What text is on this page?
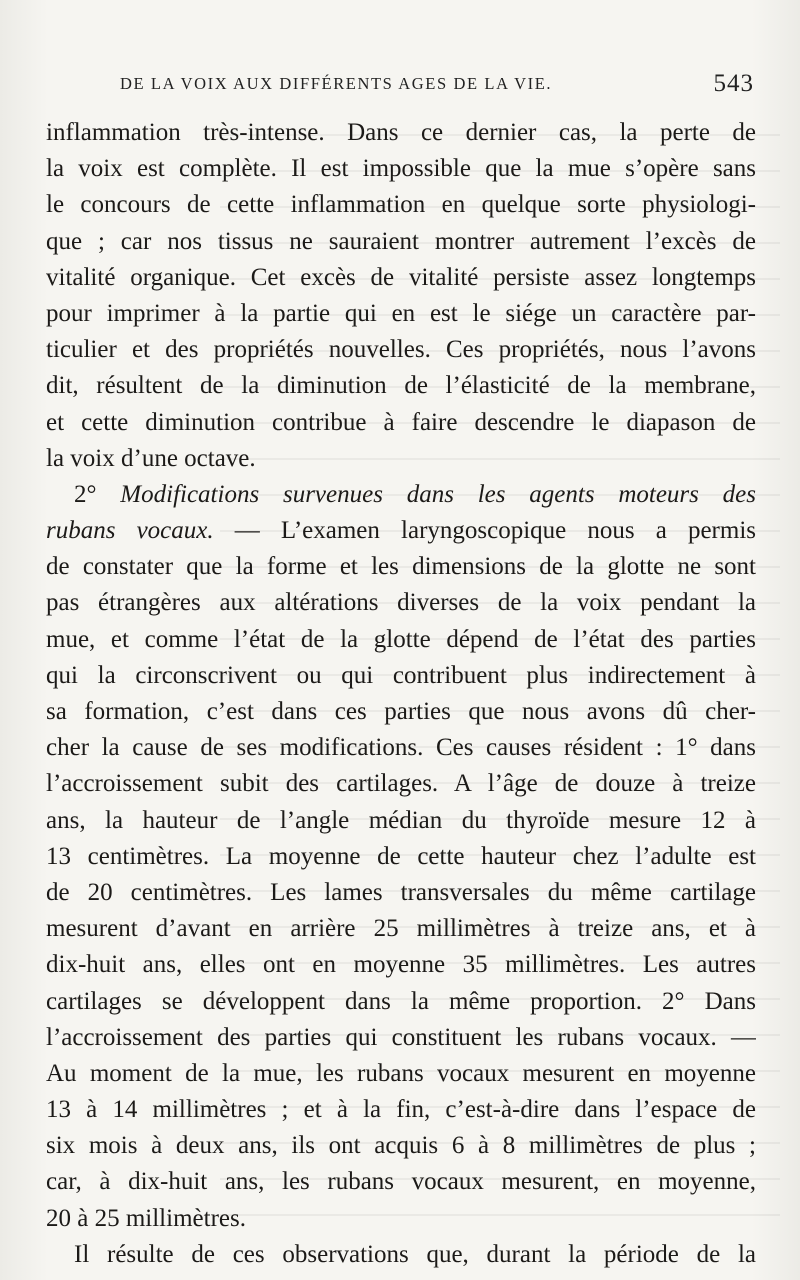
DE LA VOIX AUX DIFFÉRENTS AGES DE LA VIE.	543
inflammation très-intense. Dans ce dernier cas, la perte de
la voix est complète. Il est impossible que la mue s’opère sans
le concours de cette inflammation en quelque sorte physiologi-
que ; car nos tissus ne sauraient montrer autrement l’excès de
vitalité organique. Cet excès de vitalité persiste assez longtemps
pour imprimer à la partie qui en est le siége un caractère par-
ticulier et des propriétés nouvelles. Ces propriétés, nous l’avons
dit, résultent de la diminution de l’élasticité de la membrane,
et cette diminution contribue à faire descendre le diapason de
la voix d’une octave.
2° Modifications survenues dans les agents moteurs des
rubans vocaux. — L’examen laryngoscopique nous a permis
de constater que la forme et les dimensions de la glotte ne sont
pas étrangères aux altérations diverses de la voix pendant la
mue, et comme l’état de la glotte dépend de l’état des parties
qui la circonscrivent ou qui contribuent plus indirectement à
sa formation, c’est dans ces parties que nous avons dû cher-
cher la cause de ses modifications. Ces causes résident : 1° dans
l’accroissement subit des cartilages. A l’âge de douze à treize
ans, la hauteur de l’angle médian du thyroïde mesure 12 à
13 centimètres. La moyenne de cette hauteur chez l’adulte est
de 20 centimètres. Les lames transversales du même cartilage
mesurent d’avant en arrière 25 millimètres à treize ans, et à
dix-huit ans, elles ont en moyenne 35 millimètres. Les autres
cartilages se développent dans la même proportion. 2° Dans
l’accroissement des parties qui constituent les rubans vocaux. —
Au moment de la mue, les rubans vocaux mesurent en moyenne
13 à 14 millimètres ; et à la fin, c’est-à-dire dans l’espace de
six mois à deux ans, ils ont acquis 6 à 8 millimètres de plus ;
car, à dix-huit ans, les rubans vocaux mesurent, en moyenne,
20 à 25 millimètres.
Il résulte de ces observations que, durant la période de la
